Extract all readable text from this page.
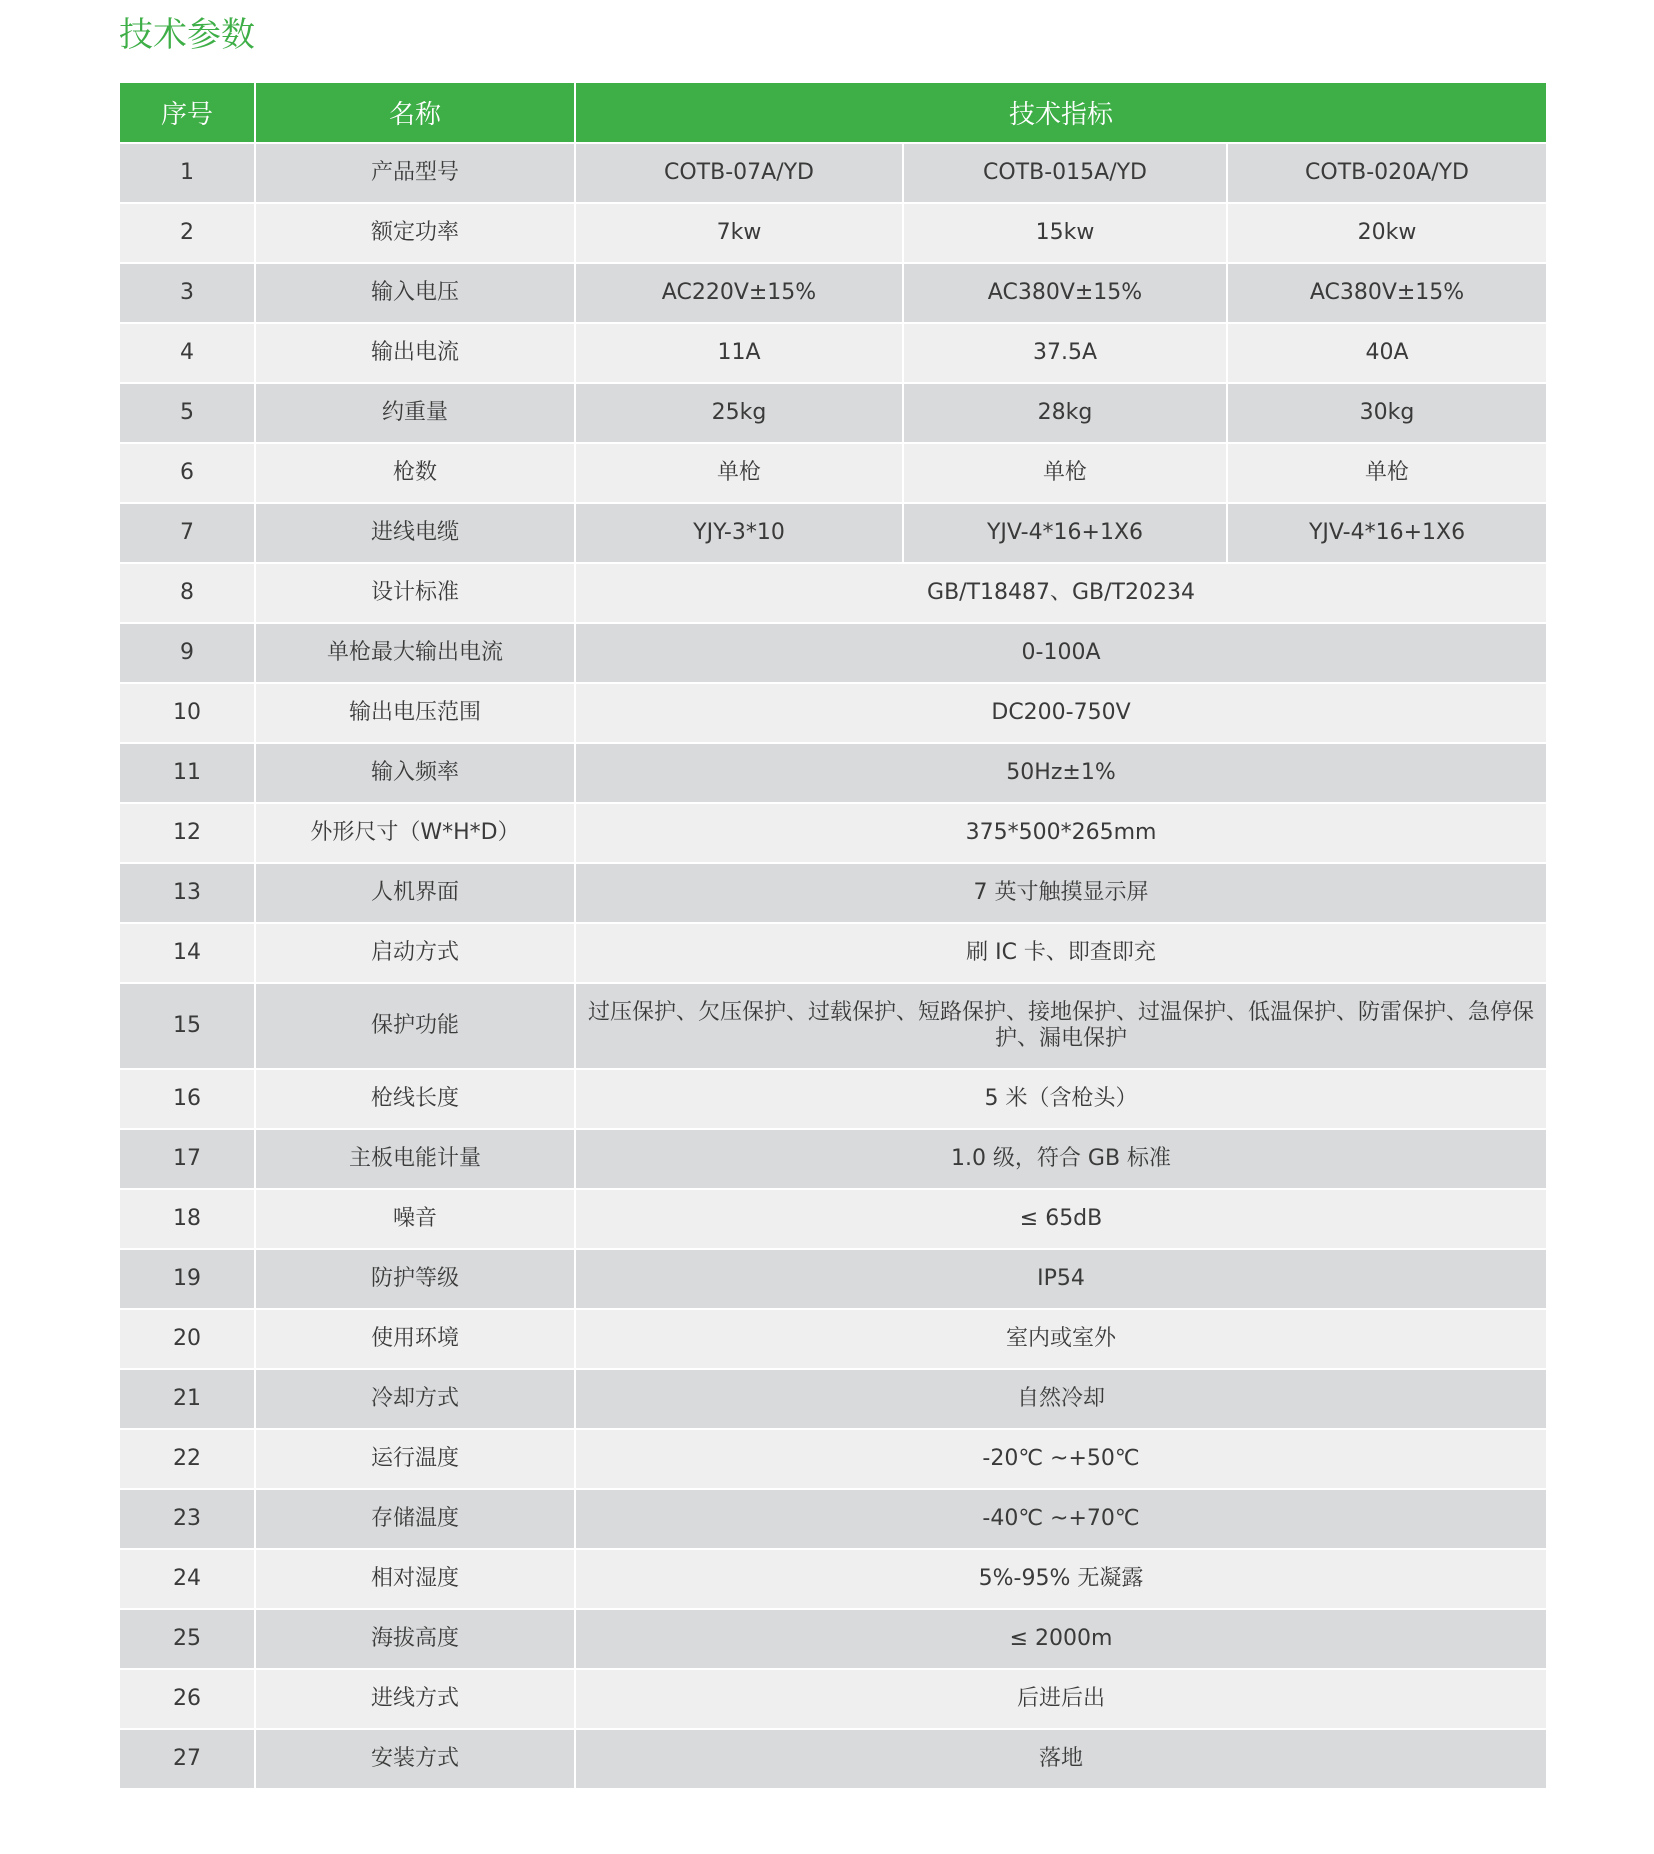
技术参数
序号	名称	技术指标		
1	产品型号	COTB-07A/YD	COTB-015A/YD	COTB-020A/YD
2	额定功率	7kw	15kw	20kw
3	输入电压	AC220V±15%	AC380V±15%	AC380V±15%
4	输出电流	11A	37.5A	40A
5	约重量	25kg	28kg	30kg
6	枪数	单枪	单枪	单枪
7	进线电缆	YJY-3*10	YJV-4*16+1X6	YJV-4*16+1X6
8	设计标准	GB/T18487、GB/T20234		
9	单枪最大输出电流	0-100A		
10	输出电压范围	DC200-750V		
11	输入频率	50Hz±1%		
12	外形尺寸（W*H*D）	375*500*265mm		
13	人机界面	7 英寸触摸显示屏		
14	启动方式	刷 IC 卡、即查即充		
15	保护功能	过压保护、欠压保护、过载保护、短路保护、接地保护、过温保护、低温保护、防雷保护、急停保护、漏电保护		
16	枪线长度	5 米（含枪头）		
17	主板电能计量	1.0 级，符合 GB 标准		
18	噪音	≤ 65dB		
19	防护等级	IP54		
20	使用环境	室内或室外		
21	冷却方式	自然冷却		
22	运行温度	-20℃ ~+50℃		
23	存储温度	-40℃ ~+70℃		
24	相对湿度	5%-95% 无凝露		
25	海拔高度	≤ 2000m		
26	进线方式	后进后出		
27	安装方式	落地		
